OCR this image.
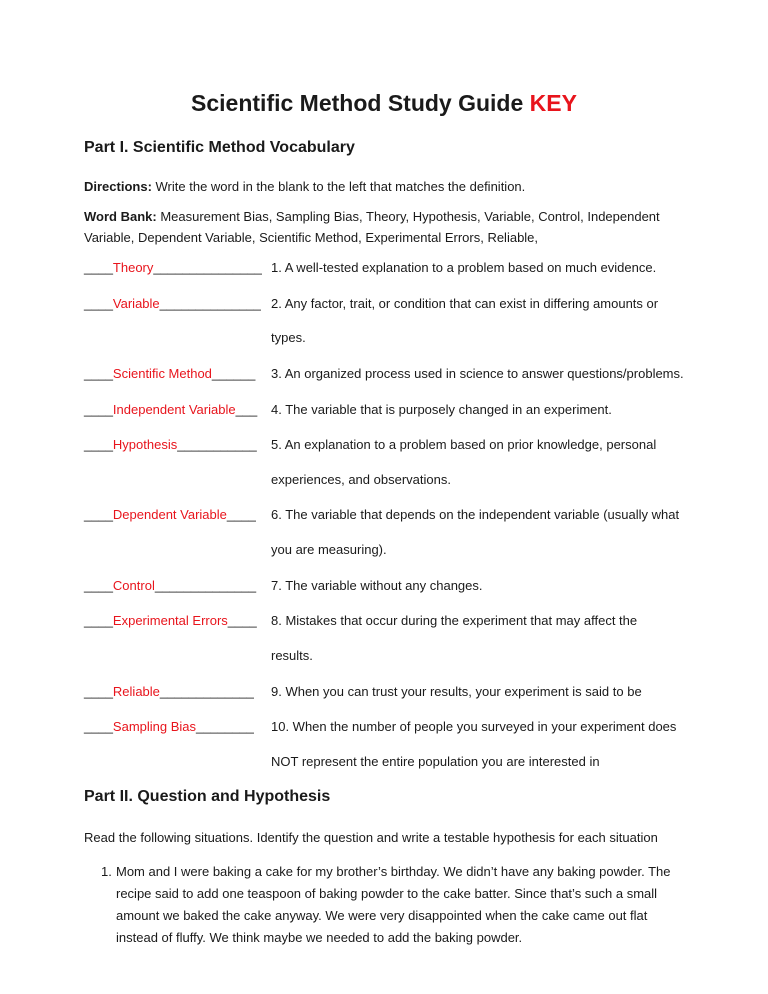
Scientific Method Study Guide KEY
Part I. Scientific Method Vocabulary
Directions: Write the word in the blank to the left that matches the definition.
Word Bank: Measurement Bias, Sampling Bias, Theory, Hypothesis, Variable, Control, Independent
Variable, Dependent Variable, Scientific Method, Experimental Errors, Reliable,
____Theory_______________ 1. A well-tested explanation to a problem based on much evidence.
____Variable______________ 2. Any factor, trait, or condition that can exist in differing amounts or
types.
____Scientific Method______ 3. An organized process used in science to answer questions/problems.
____Independent Variable___ 4. The variable that is purposely changed in an experiment.
____Hypothesis___________ 5. An explanation to a problem based on prior knowledge, personal
experiences, and observations.
____Dependent Variable____ 6. The variable that depends on the independent variable (usually what
you are measuring).
____Control______________ 7. The variable without any changes.
____Experimental Errors____ 8. Mistakes that occur during the experiment that may affect the
results.
____Reliable_____________ 9. When you can trust your results, your experiment is said to be
____Sampling Bias________ 10. When the number of people you surveyed in your experiment does
NOT represent the entire population you are interested in
Part II. Question and Hypothesis
Read the following situations. Identify the question and write a testable hypothesis for each situation
1. Mom and I were baking a cake for my brother’s birthday. We didn’t have any baking powder. The recipe said to add one teaspoon of baking powder to the cake batter. Since that’s such a small amount we baked the cake anyway. We were very disappointed when the cake came out flat instead of fluffy. We think maybe we needed to add the baking powder.
